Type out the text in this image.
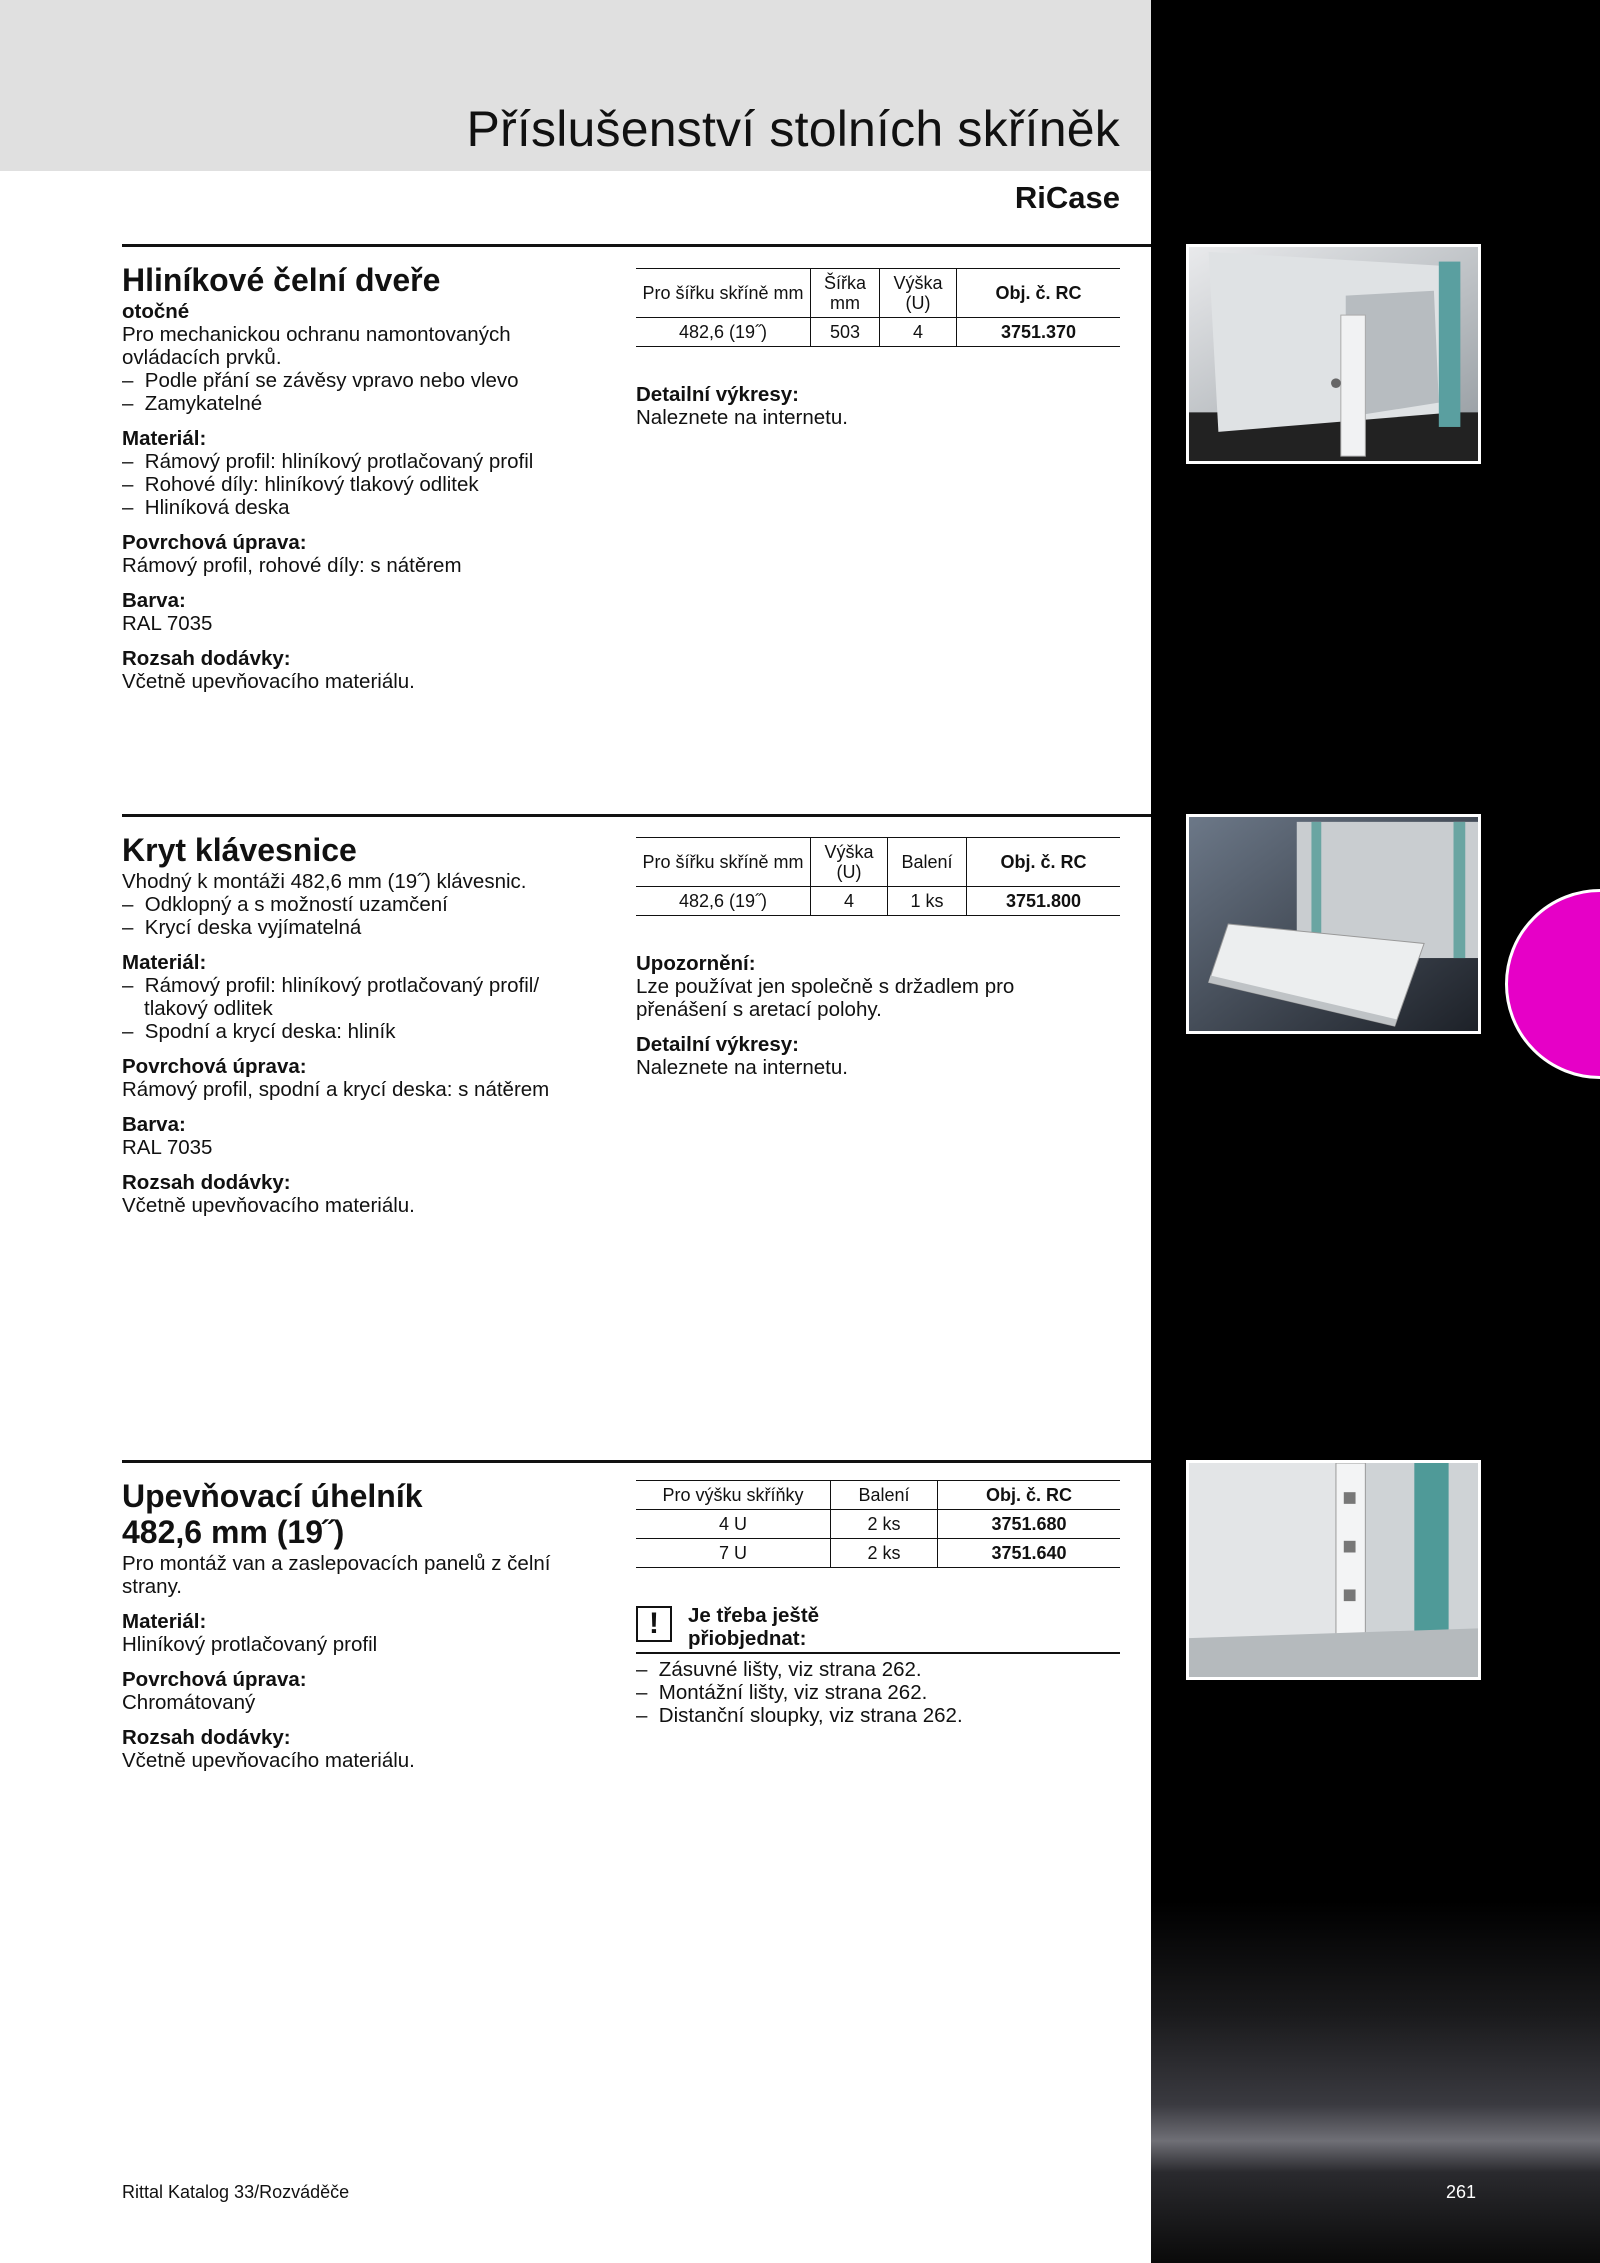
Příslušenství stolních skříněk
RiCase
Hliníkové čelní dveře
otočné
Pro mechanickou ochranu namontovaných ovládacích prvků.
–  Podle přání se závěsy vpravo nebo vlevo
–  Zamykatelné
Materiál:
–  Rámový profil: hliníkový protlačovaný profil
–  Rohové díly: hliníkový tlakový odlitek
–  Hliníková deska
Povrchová úprava:
Rámový profil, rohové díly: s nátěrem
Barva:
RAL 7035
Rozsah dodávky:
Včetně upevňovacího materiálu.
Pro šířku skříně mm	Šířka mm	Výška (U)	Obj. č. RC
482,6 (19˝)	503	4	3751.370
Detailní výkresy:
Naleznete na internetu.
Kryt klávesnice
Vhodný k montáži 482,6 mm (19˝) klávesnic.
–  Odklopný a s možností uzamčení
–  Krycí deska vyjímatelná
Materiál:
–  Rámový profil: hliníkový protlačovaný profil/ tlakový odlitek
–  Spodní a krycí deska: hliník
Povrchová úprava:
Rámový profil, spodní a krycí deska: s nátěrem
Barva:
RAL 7035
Rozsah dodávky:
Včetně upevňovacího materiálu.
Pro šířku skříně mm	Výška (U)	Balení	Obj. č. RC
482,6 (19˝)	4	1 ks	3751.800
Upozornění:
Lze používat jen společně s držadlem pro přenášení s aretací polohy.
Detailní výkresy:
Naleznete na internetu.
Upevňovací úhelník
482,6 mm (19˝)
Pro montáž van a zaslepovacích panelů z čelní strany.
Materiál:
Hliníkový protlačovaný profil
Povrchová úprava:
Chromátovaný
Rozsah dodávky:
Včetně upevňovacího materiálu.
Pro výšku skříňky	Balení	Obj. č. RC
4 U	2 ks	3751.680
7 U	2 ks	3751.640
!	Je třeba ještě
přiobjednat:
–  Zásuvné lišty, viz strana 262.
–  Montážní lišty, viz strana 262.
–  Distanční sloupky, viz strana 262.
Rittal Katalog 33/Rozváděče	261
